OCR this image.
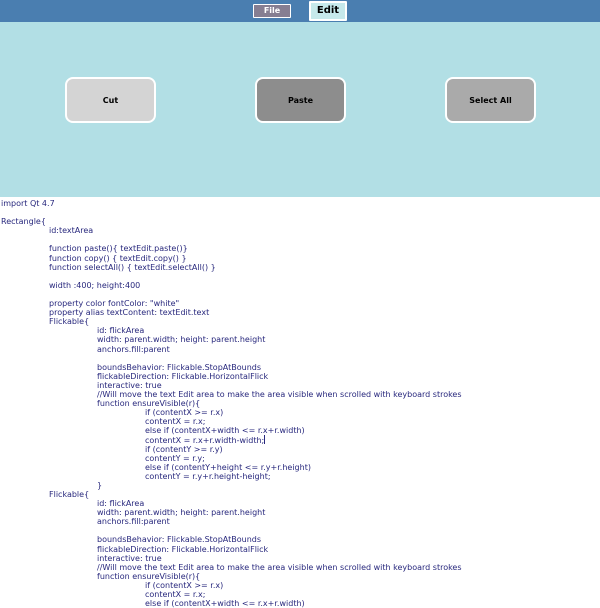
File	Edit
Cut	Paste	Select All
import Qt 4.7
Rectangle{
id:textArea
function paste(){ textEdit.paste()}
function copy() { textEdit.copy() }
function selectAll() { textEdit.selectAll() }
width :400; height:400
property color fontColor: "white"
property alias textContent: textEdit.text
Flickable{
id: flickArea
width: parent.width; height: parent.height
anchors.fill:parent
boundsBehavior: Flickable.StopAtBounds
flickableDirection: Flickable.HorizontalFlick
interactive: true
//Will move the text Edit area to make the area visible when scrolled with keyboard strokes
function ensureVisible(r){
if (contentX >= r.x)
contentX = r.x;
else if (contentX+width <= r.x+r.width)
contentX = r.x+r.width-width;
if (contentY >= r.y)
contentY = r.y;
else if (contentY+height <= r.y+r.height)
contentY = r.y+r.height-height;
}
Flickable{
id: flickArea
width: parent.width; height: parent.height
anchors.fill:parent
boundsBehavior: Flickable.StopAtBounds
flickableDirection: Flickable.HorizontalFlick
interactive: true
//Will move the text Edit area to make the area visible when scrolled with keyboard strokes
function ensureVisible(r){
if (contentX >= r.x)
contentX = r.x;
else if (contentX+width <= r.x+r.width)
